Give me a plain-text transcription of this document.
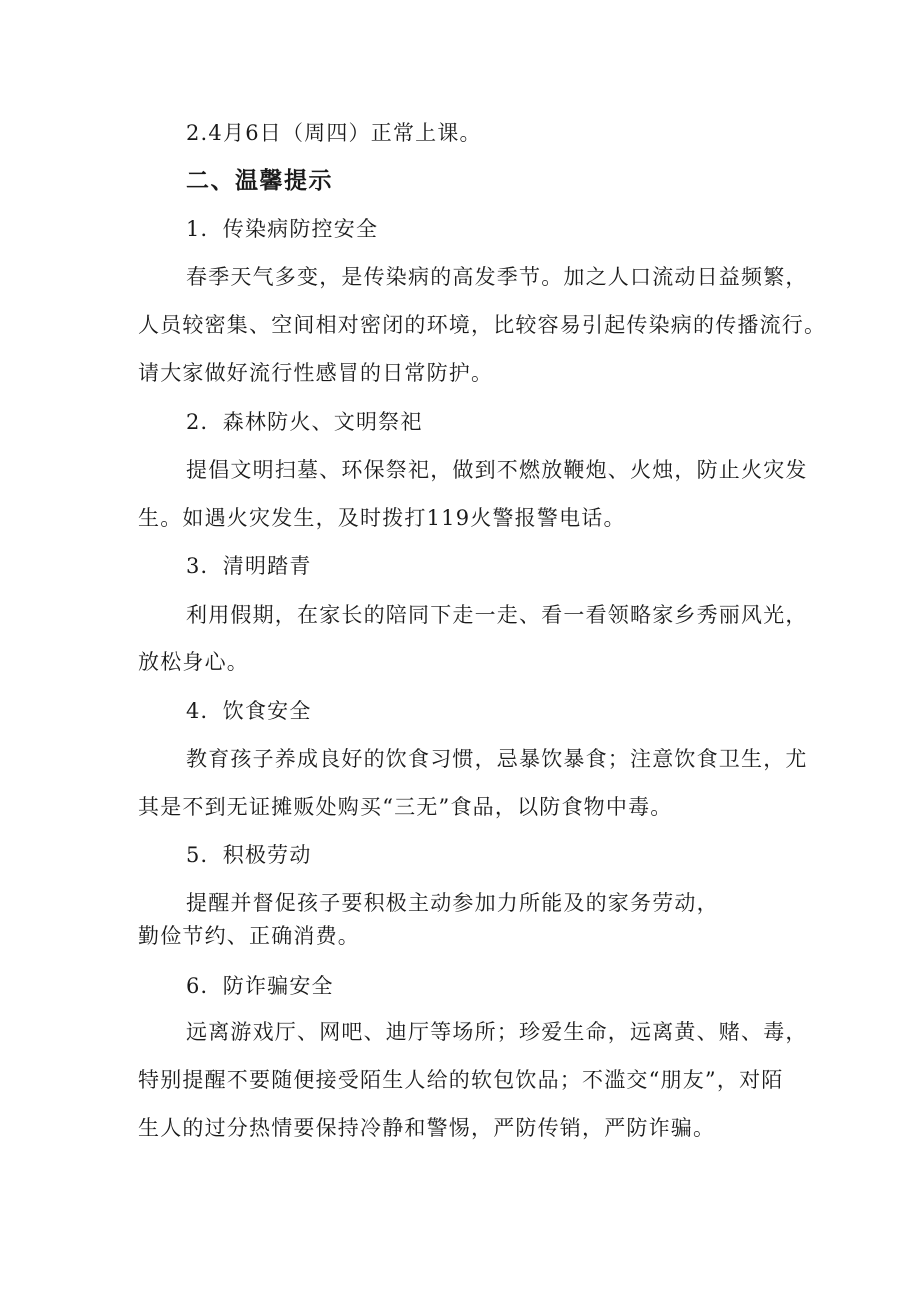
2.4月6日（周四）正常上课。
二、温馨提示
1．传染病防控安全
春季天气多变，是传染病的高发季节。加之人口流动日益频繁，
人员较密集、空间相对密闭的环境，比较容易引起传染病的传播流行。
请大家做好流行性感冒的日常防护。
2．森林防火、文明祭祀
提倡文明扫墓、环保祭祀，做到不燃放鞭炮、火烛，防止火灾发
生。如遇火灾发生，及时拨打119火警报警电话。
3．清明踏青
利用假期，在家长的陪同下走一走、看一看领略家乡秀丽风光，
放松身心。
4．饮食安全
教育孩子养成良好的饮食习惯，忌暴饮暴食；注意饮食卫生，尤
其是不到无证摊贩处购买“三无”食品，以防食物中毒。
5．积极劳动
提醒并督促孩子要积极主动参加力所能及的家务劳动，
勤俭节约、正确消费。
6．防诈骗安全
远离游戏厅、网吧、迪厅等场所；珍爱生命，远离黄、赌、毒，
特别提醒不要随便接受陌生人给的软包饮品；不滥交“朋友”，对陌
生人的过分热情要保持冷静和警惕，严防传销，严防诈骗。
